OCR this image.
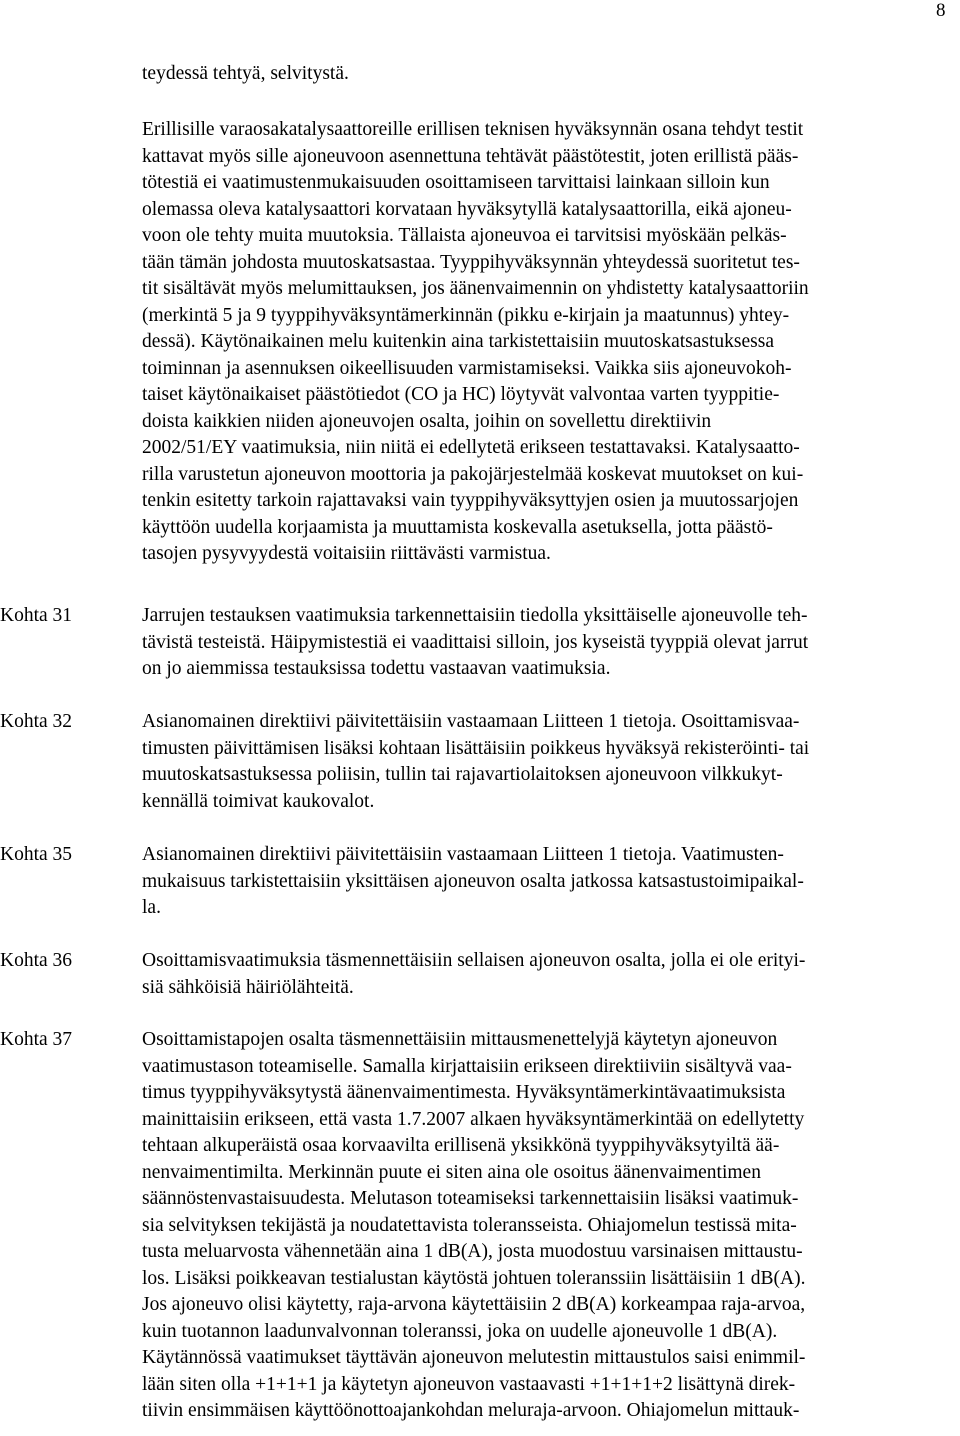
8
teydessä tehtyä, selvitystä.
Erillisille varaosakatalysaattoreille erillisen teknisen hyväksynnän osana tehdyt testit
kattavat myös sille ajoneuvoon asennettuna tehtävät päästötestit, joten erillistä pääs-
tötestiä ei vaatimustenmukaisuuden osoittamiseen tarvittaisi lainkaan silloin kun
olemassa oleva katalysaattori korvataan hyväksytyllä katalysaattorilla, eikä ajoneu-
voon ole tehty muita muutoksia. Tällaista ajoneuvoa ei tarvitsisi myöskään pelkäs-
tään tämän johdosta muutoskatsastaa. Tyyppihyväksynnän yhteydessä suoritetut tes-
tit sisältävät myös melumittauksen, jos äänenvaimennin on yhdistetty katalysaattoriin
(merkintä 5 ja 9 tyyppihyväksyntämerkinnän (pikku e-kirjain ja maatunnus) yhtey-
dessä). Käytönaikainen melu kuitenkin aina tarkistettaisiin muutoskatsastuksessa
toiminnan ja asennuksen oikeellisuuden varmistamiseksi. Vaikka siis ajoneuvokoh-
taiset käytönaikaiset päästötiedot (CO ja HC) löytyvät valvontaa varten tyyppitie-
doista kaikkien niiden ajoneuvojen osalta, joihin on sovellettu direktiivin
2002/51/EY vaatimuksia, niin niitä ei edellytetä erikseen testattavaksi. Katalysaatto-
rilla varustetun ajoneuvon moottoria ja pakojärjestelmää koskevat muutokset on kui-
tenkin esitetty tarkoin rajattavaksi vain tyyppihyväksyttyjen osien ja muutossarjojen
käyttöön uudella korjaamista ja muuttamista koskevalla asetuksella, jotta päästö-
tasojen pysyvyydestä voitaisiin riittävästi varmistua.
Kohta 31	Jarrujen testauksen vaatimuksia tarkennettaisiin tiedolla yksittäiselle ajoneuvolle teh-
tävistä testeistä. Häipymistestiä ei vaadittaisi silloin, jos kyseistä tyyppiä olevat jarrut
on jo aiemmissa testauksissa todettu vastaavan vaatimuksia.
Kohta 32	Asianomainen direktiivi päivitettäisiin vastaamaan Liitteen 1 tietoja. Osoittamisvaa-
timusten päivittämisen lisäksi kohtaan lisättäisiin poikkeus hyväksyä rekisteröinti- tai
muutoskatsastuksessa poliisin, tullin tai rajavartiolaitoksen ajoneuvoon vilkkukyt-
kennällä toimivat kaukovalot.
Kohta 35	Asianomainen direktiivi päivitettäisiin vastaamaan Liitteen 1 tietoja. Vaatimusten-
mukaisuus tarkistettaisiin yksittäisen ajoneuvon osalta jatkossa katsastustoimipaikal-
la.
Kohta 36	Osoittamisvaatimuksia täsmennettäisiin sellaisen ajoneuvon osalta, jolla ei ole erityi-
siä sähköisiä häiriölähteitä.
Kohta 37	Osoittamistapojen osalta täsmennettäisiin mittausmenettelyjä käytetyn ajoneuvon
vaatimustason toteamiselle. Samalla kirjattaisiin erikseen direktiiviin sisältyvä vaa-
timus tyyppihyväksytystä äänenvaimentimesta. Hyväksyntämerkintävaatimuksista
mainittaisiin erikseen, että vasta 1.7.2007 alkaen hyväksyntämerkintää on edellytetty
tehtaan alkuperäistä osaa korvaavilta erillisenä yksikkönä tyyppihyväksytyiltä ää-
nenvaimentimilta. Merkinnän puute ei siten aina ole osoitus äänenvaimentimen
säännöstenvastaisuudesta. Melutason toteamiseksi tarkennettaisiin lisäksi vaatimuk-
sia selvityksen tekijästä ja noudatettavista toleransseista. Ohiajomelun testissä mita-
tusta meluarvosta vähennetään aina 1 dB(A), josta muodostuu varsinaisen mittaustu-
los. Lisäksi poikkeavan testialustan käytöstä johtuen toleranssiin lisättäisiin 1 dB(A).
Jos ajoneuvo olisi käytetty, raja-arvona käytettäisiin 2 dB(A) korkeampaa raja-arvoa,
kuin tuotannon laadunvalvonnan toleranssi, joka on uudelle ajoneuvolle 1 dB(A).
Käytännössä vaatimukset täyttävän ajoneuvon melutestin mittaustulos saisi enimmil-
lään siten olla +1+1+1 ja käytetyn ajoneuvon vastaavasti +1+1+1+2 lisättynä direk-
tiivin ensimmäisen käyttöönottoajankohdan meluraja-arvoon. Ohiajomelun mittauk-
